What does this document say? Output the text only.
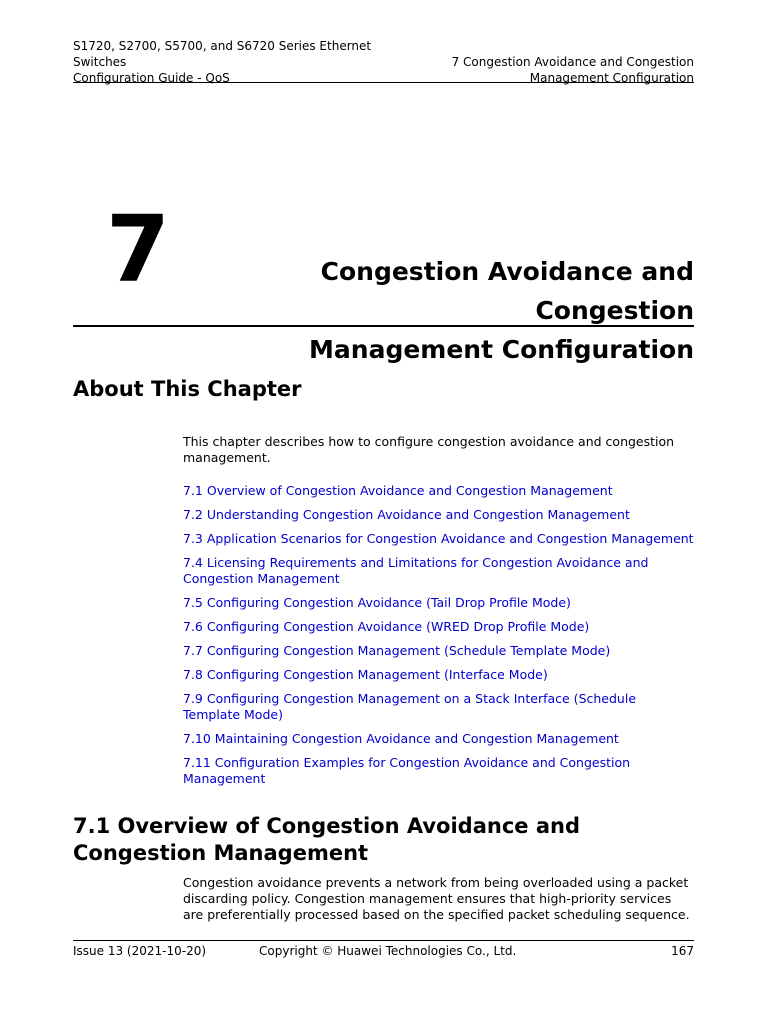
S1720, S2700, S5700, and S6720 Series Ethernet
Switches
Configuration Guide - QoS
7 Congestion Avoidance and Congestion
Management Configuration
7	Congestion Avoidance and Congestion
Management Configuration
About This Chapter
This chapter describes how to configure congestion avoidance and congestion management.
7.1 Overview of Congestion Avoidance and Congestion Management
7.2 Understanding Congestion Avoidance and Congestion Management
7.3 Application Scenarios for Congestion Avoidance and Congestion Management
7.4 Licensing Requirements and Limitations for Congestion Avoidance and Congestion Management
7.5 Configuring Congestion Avoidance (Tail Drop Profile Mode)
7.6 Configuring Congestion Avoidance (WRED Drop Profile Mode)
7.7 Configuring Congestion Management (Schedule Template Mode)
7.8 Configuring Congestion Management (Interface Mode)
7.9 Configuring Congestion Management on a Stack Interface (Schedule Template Mode)
7.10 Maintaining Congestion Avoidance and Congestion Management
7.11 Configuration Examples for Congestion Avoidance and Congestion Management
7.1 Overview of Congestion Avoidance and Congestion Management
Congestion avoidance prevents a network from being overloaded using a packet discarding policy. Congestion management ensures that high-priority services are preferentially processed based on the specified packet scheduling sequence.
Issue 13 (2021-10-20)	Copyright © Huawei Technologies Co., Ltd.	167
